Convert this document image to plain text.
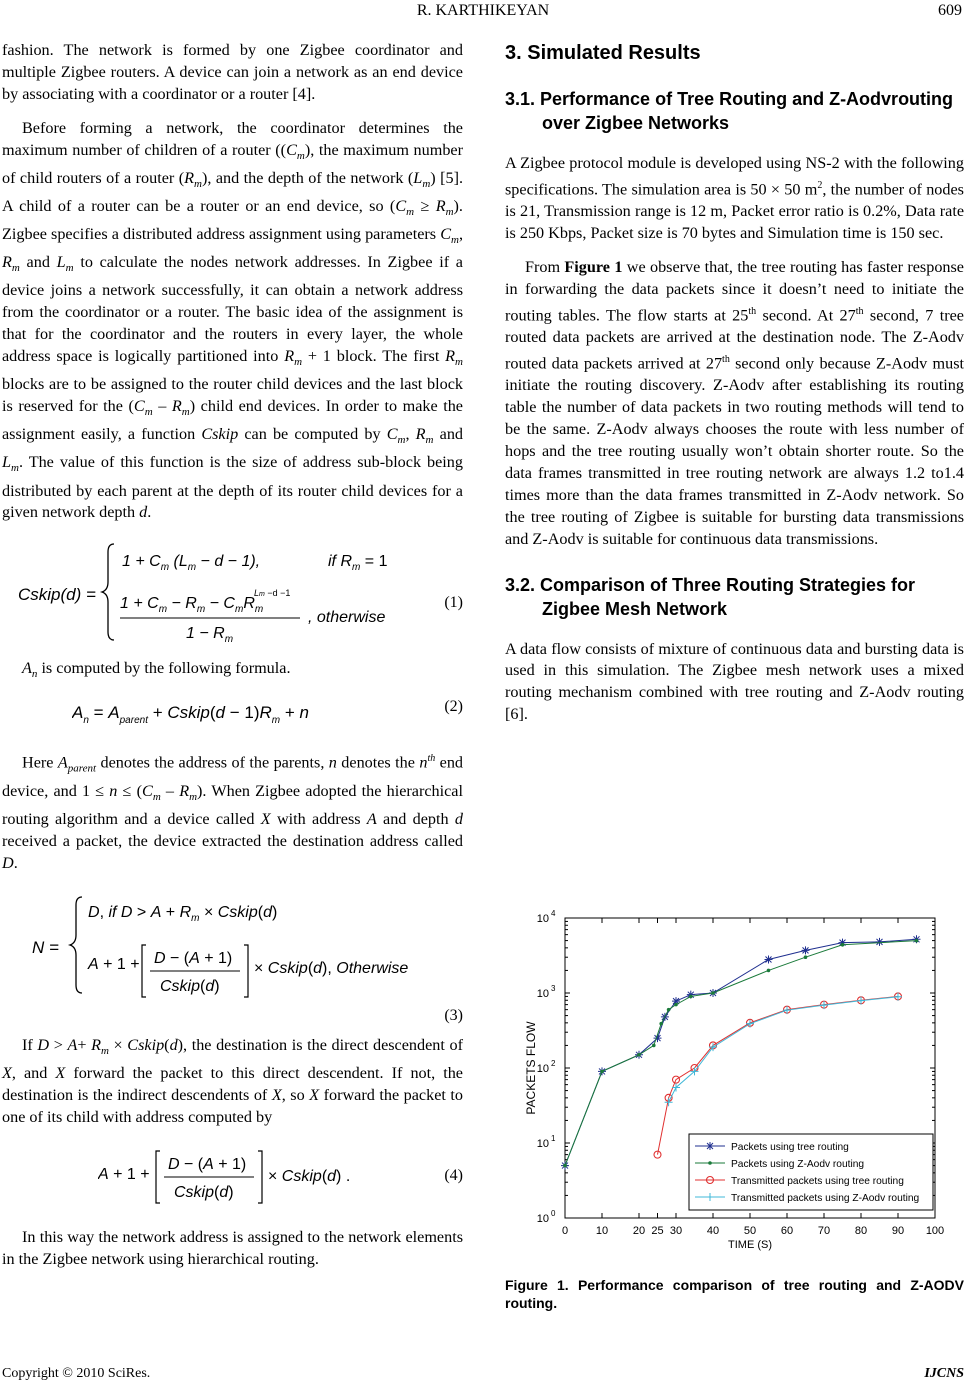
R. KARTHIKEYAN	609

fashion. The network is formed by one Zigbee coordinator and multiple Zigbee routers. A device can join a network as an end device by associating with a coordinator or a router [4].

Before forming a network, the coordinator determines the maximum number of children of a router ($(C_m)$, the maximum number of child routers of a router $(R_m)$, and the depth of the network $(L_m)$ [5]. A child of a router can be a router or an end device, so $(C_m \ge R_m)$. Zigbee specifies a distributed address assignment using parameters $C_m$, $R_m$ and $L_m$ to calculate the nodes network addresses. In Zigbee if a device joins a network successfully, it can obtain a network address from the coordinator or a router. The basic idea of the assignment is that for the coordinator and the routers in every layer, the whole address space is logically partitioned into $R_m + 1$ block. The first $R_m$ blocks are to be assigned to the router child devices and the last block is reserved for the $(C_m - R_m)$ child end devices. In order to make the assignment easily, a function Cskip can be computed by $C_m$, $R_m$ and $L_m$. The value of this function is the size of address sub-block being distributed by each parent at the depth of its router child devices for a given network depth d.

Cskip(d) =
$1 + C_m$ $(L_m - d - 1)$,	if $R_m = 1$
$1 + C_m - R_m - C_mR_m$
Lm −d −1
$1 - R_m$
, otherwise
(1)

$A_n$ is computed by the following formula.

$A_n = A_{parent}$ + Cskip(d − $1)R_m + n$	(2)

Here $A_{parent}$ denotes the address of the parents, n denotes the $n^{th}$ end device, and $1 \le n \le (C_m - R_m)$. When Zigbee adopted the hierarchical routing algorithm and a device called X with address A and depth d received a packet, the device extracted the destination address called D.

N =
D, if $D > A + R_m$ × Cskip(d)
A + 1 + D − (A + 1)
Cskip(d)
× Cskip(d), Otherwise
(3)

If $D > A+ R_m$ × Cskip(d), the destination is the direct descendent of X, and X forward the packet to this direct descendent. If not, the destination is the indirect descendents of X, so X forward the packet to one of its child with address computed by

A + 1 +
D − (A + 1)
Cskip(d)
× Cskip(d) .	(4)

In this way the network address is assigned to the network elements in the Zigbee network using hierarchical routing.

3. Simulated Results
3.1. Performance of Tree Routing and Z-Aodvrouting over Zigbee Networks

A Zigbee protocol module is developed using NS-2 with the following specifications. The simulation area is 50 × 50 $m^2$, the number of nodes is 21, Transmission range is 12 m, Packet error ratio is 0.2%, Data rate is 250 Kbps, Packet size is 70 bytes and Simulation time is 150 sec.

From Figure 1 we observe that, the tree routing has faster response in forwarding the data packets since it doesn’t need to initiate the routing tables. The flow starts at 25th second. At 27th second, 7 tree routed data packets are arrived at the destination node. The Z-Aodv routed data packets arrived at 27th second only because Z-Aodv must initiate the routing discovery. Z-Aodv after establishing its routing table the number of data packets in two routing methods will tend to be the same. Z-Aodv always chooses the route with less number of hops and the tree routing usually won’t obtain shorter route. So the data frames transmitted in tree routing network are always 1.2 to1.4 times more than the data frames transmitted in Z-Aodv network. So the tree routing of Zigbee is suitable for bursting data transmissions and Z-Aodv is suitable for continuous data transmissions.

3.2. Comparison of Three Routing Strategies for Zigbee Mesh Network

A data flow consists of mixture of continuous data and bursting data is used in this simulation. The Zigbee mesh network uses a mixed routing mechanism combined with tree routing and Z-Aodv routing [6].

0	10 20 25 30 40 50 60 70 80 90 100
10 0
10 1
10 2
10 3
10 4
TIME (S)
PACKETS FLOW
Packets using tree routing
Packets using Z-Aodv routing
Transmitted packets using tree routing
Transmitted packets using Z-Aodv routing

Figure 1. Performance comparison of tree routing and Z-AODV routing.

Copyright © 2010 SciRes.	IJCNS
